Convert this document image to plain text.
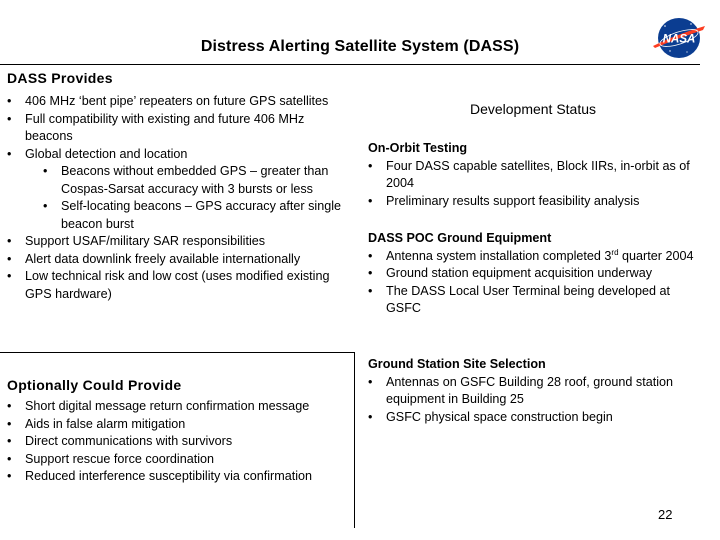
Distress Alerting Satellite System (DASS)	NASA
DASS Provides
• 406 MHz ‘bent pipe’ repeaters on future GPS satellites
• Full compatibility with existing and future 406 MHz beacons
• Global detection and location
• Beacons without embedded GPS – greater than Cospas-Sarsat accuracy with 3 bursts or less
• Self-locating beacons – GPS accuracy after single beacon burst
• Support USAF/military SAR responsibilities
• Alert data downlink freely available internationally
• Low technical risk and low cost (uses modified existing GPS hardware)
Optionally Could Provide
• Short digital message return confirmation message
• Aids in false alarm mitigation
• Direct communications with survivors
• Support rescue force coordination
• Reduced interference susceptibility via confirmation
Development Status
On-Orbit Testing
• Four DASS capable satellites, Block IIRs, in-orbit as of 2004
• Preliminary results support feasibility analysis
DASS POC Ground Equipment
• Antenna system installation completed 3rd quarter 2004
• Ground station equipment acquisition underway
• The DASS Local User Terminal being developed at GSFC
Ground Station Site Selection
• Antennas on GSFC Building 28 roof, ground station equipment in Building 25
• GSFC physical space construction begin
22
